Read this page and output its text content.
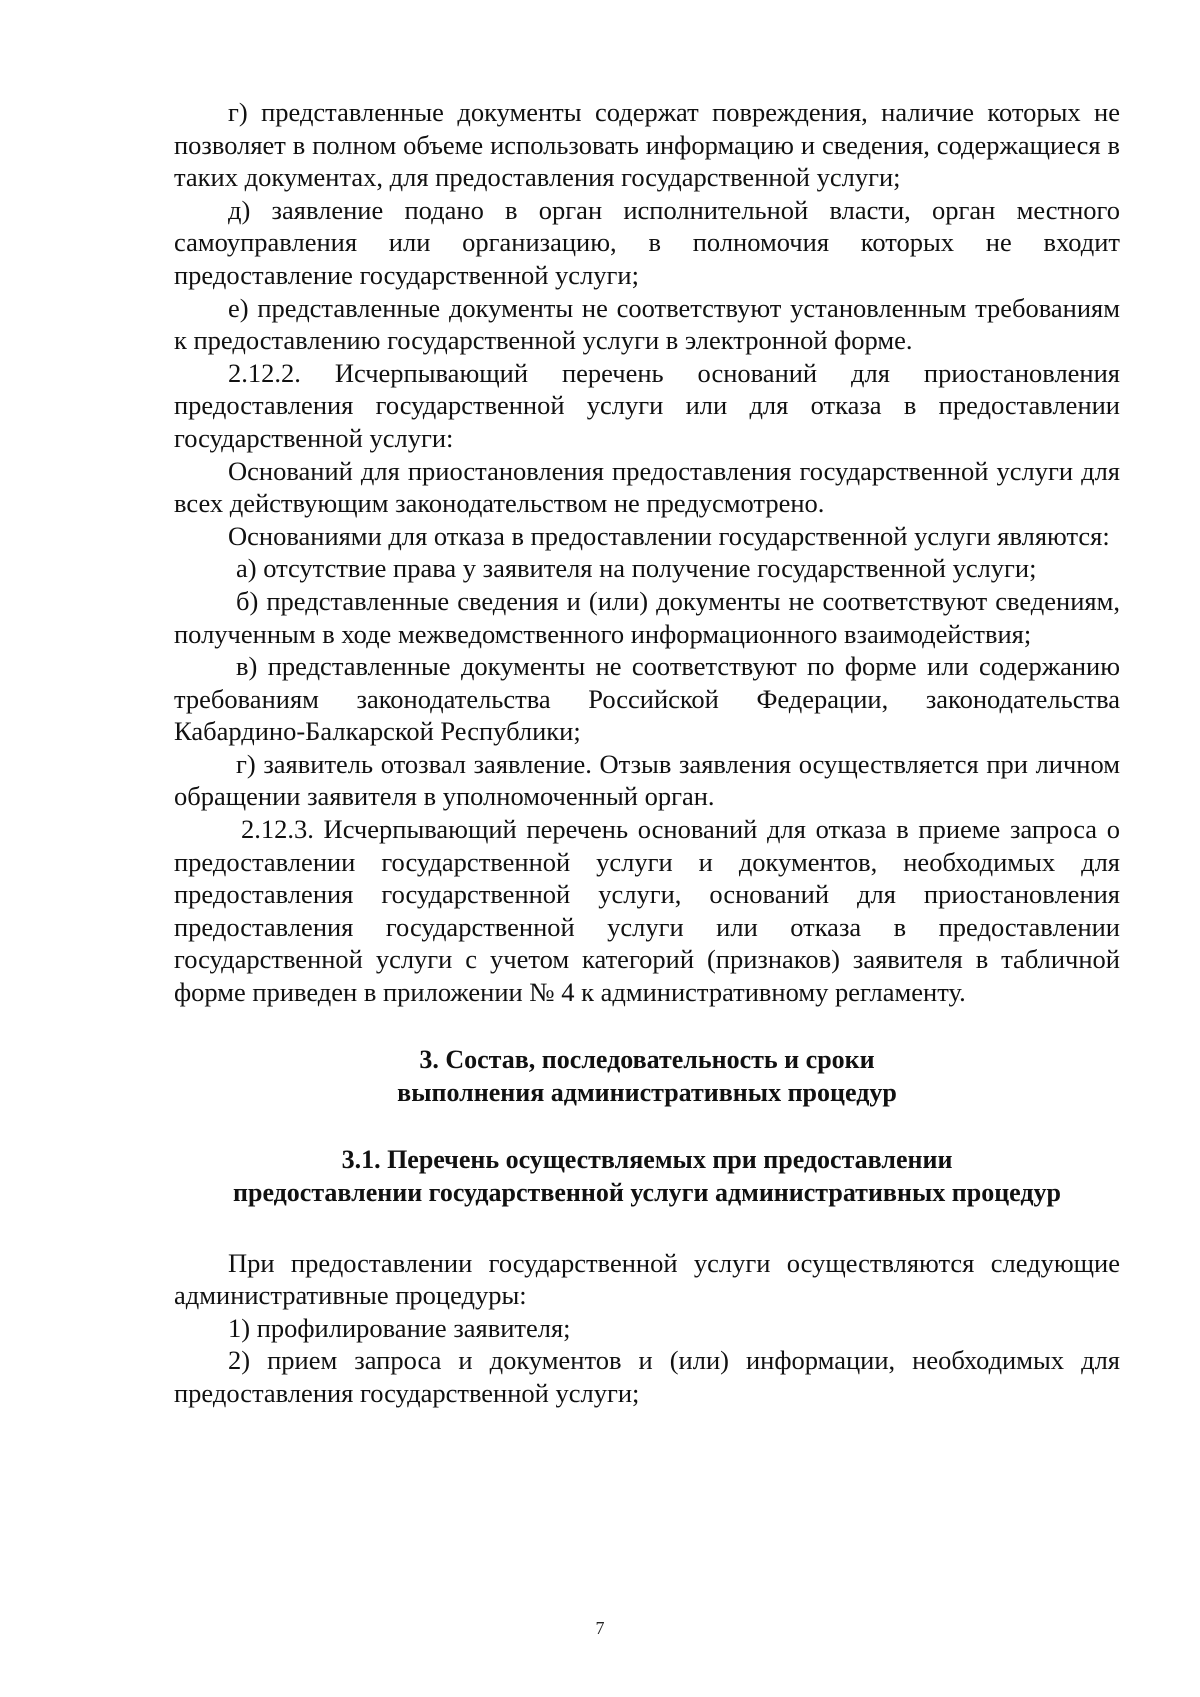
г) представленные документы содержат повреждения, наличие которых не позволяет в полном объеме использовать информацию и сведения, содержащиеся в таких документах, для предоставления государственной услуги;

д) заявление подано в орган исполнительной власти, орган местного самоуправления или организацию, в полномочия которых не входит предоставление государственной услуги;

е) представленные документы не соответствуют установленным требованиям к предоставлению государственной услуги в электронной форме.

2.12.2. Исчерпывающий перечень оснований для приостановления предоставления государственной услуги или для отказа в предоставлении государственной услуги:

Оснований для приостановления предоставления государственной услуги для всех действующим законодательством не предусмотрено.

Основаниями для отказа в предоставлении государственной услуги являются:

а) отсутствие права у заявителя на получение государственной услуги;

б) представленные сведения и (или) документы не соответствуют сведениям, полученным в ходе межведомственного информационного взаимодействия;

в) представленные документы не соответствуют по форме или содержанию требованиям законодательства Российской Федерации, законодательства Кабардино-Балкарской Республики;

г) заявитель отозвал заявление. Отзыв заявления осуществляется при личном обращении заявителя в уполномоченный орган.

2.12.3. Исчерпывающий перечень оснований для отказа в приеме запроса о предоставлении государственной услуги и документов, необходимых для предоставления государственной услуги, оснований для приостановления предоставления государственной услуги или отказа в предоставлении государственной услуги с учетом категорий (признаков) заявителя в табличной форме приведен в приложении № 4 к административному регламенту.

3. Состав, последовательность и сроки
выполнения административных процедур
3.1. Перечень осуществляемых при предоставлении
предоставлении государственной услуги административных процедур

При предоставлении государственной услуги осуществляются следующие административные процедуры:

1) профилирование заявителя;

2) прием запроса и документов и (или) информации, необходимых для предоставления государственной услуги;

7
